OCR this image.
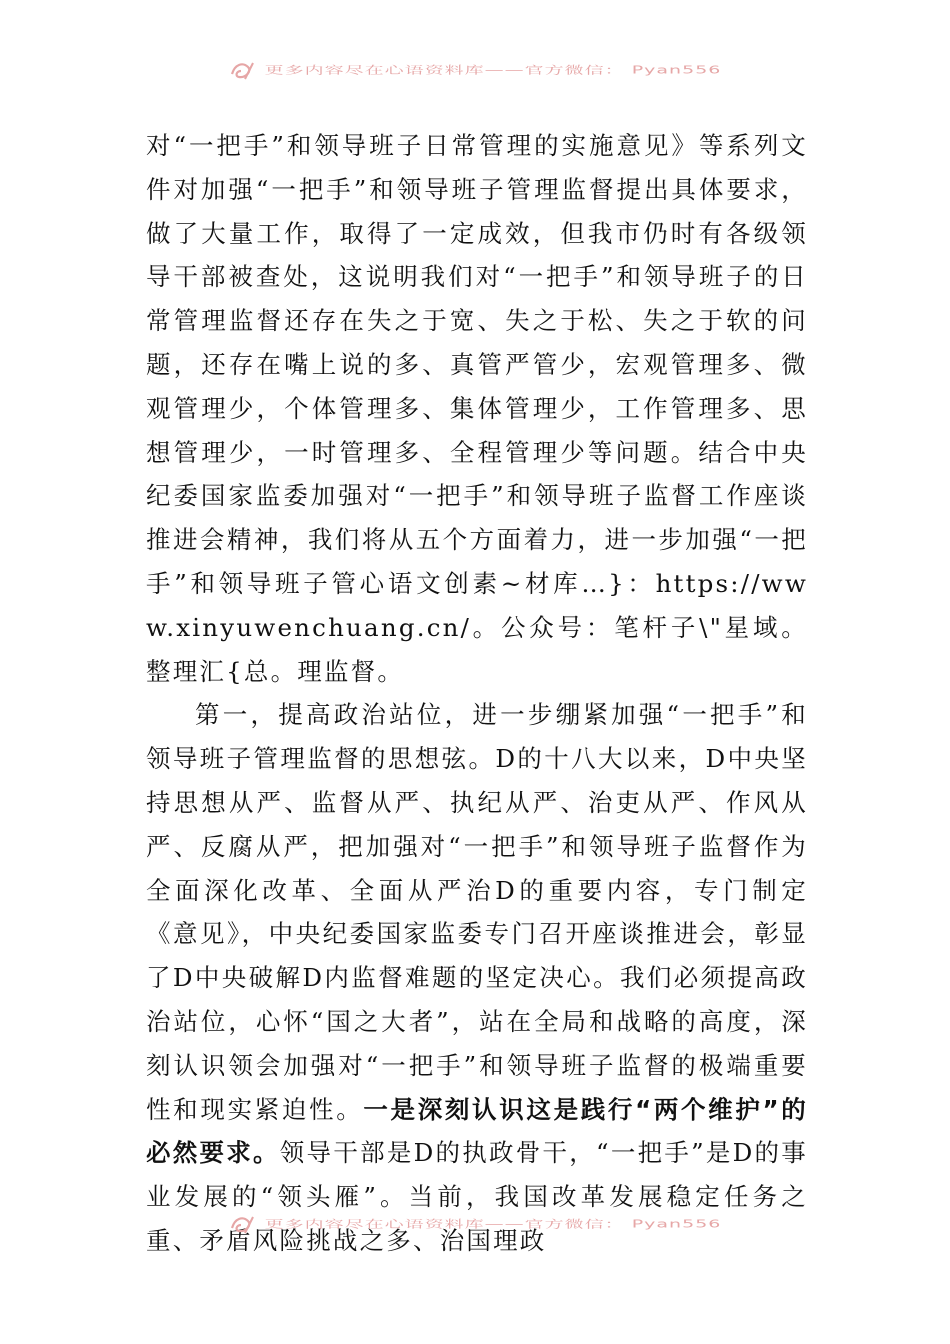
更多内容尽在心语资料库——官方微信： Pyan556

对“一把手”和领导班子日常管理的实施意见》等系列文件对加强“一把手”和领导班子管理监督提出具体要求，做了大量工作，取得了一定成效，但我市仍时有各级领导干部被查处，这说明我们对“一把手”和领导班子的日常管理监督还存在失之于宽、失之于松、失之于软的问题，还存在嘴上说的多、真管严管少，宏观管理多、微观管理少，个体管理多、集体管理少，工作管理多、思想管理少，一时管理多、全程管理少等问题。结合中央纪委国家监委加强对“一把手”和领导班子监督工作座谈推进会精神，我们将从五个方面着力，进一步加强“一把手”和领导班子管心语文创素~材库…}：https://www.xinyuwenchuang.cn/。公众号：笔杆子\"星域。整理汇{总。理监督。

第一，提高政治站位，进一步绷紧加强“一把手”和领导班子管理监督的思想弦。D的十八大以来，D中央坚持思想从严、监督从严、执纪从严、治吏从严、作风从严、反腐从严，把加强对“一把手”和领导班子监督作为全面深化改革、全面从严治D的重要内容，专门制定《意见》，中央纪委国家监委专门召开座谈推进会，彰显了D中央破解D内监督难题的坚定决心。我们必须提高政治站位，心怀“国之大者”，站在全局和战略的高度，深刻认识领会加强对“一把手”和领导班子监督的极端重要性和现实紧迫性。一是深刻认识这是践行“两个维护”的必然要求。领导干部是D的执政骨干，“一把手”是D的事业发展的“领头雁”。当前，我国改革发展稳定任务之重、矛盾风险挑战之多、治国理政

更多内容尽在心语资料库——官方微信： Pyan556
